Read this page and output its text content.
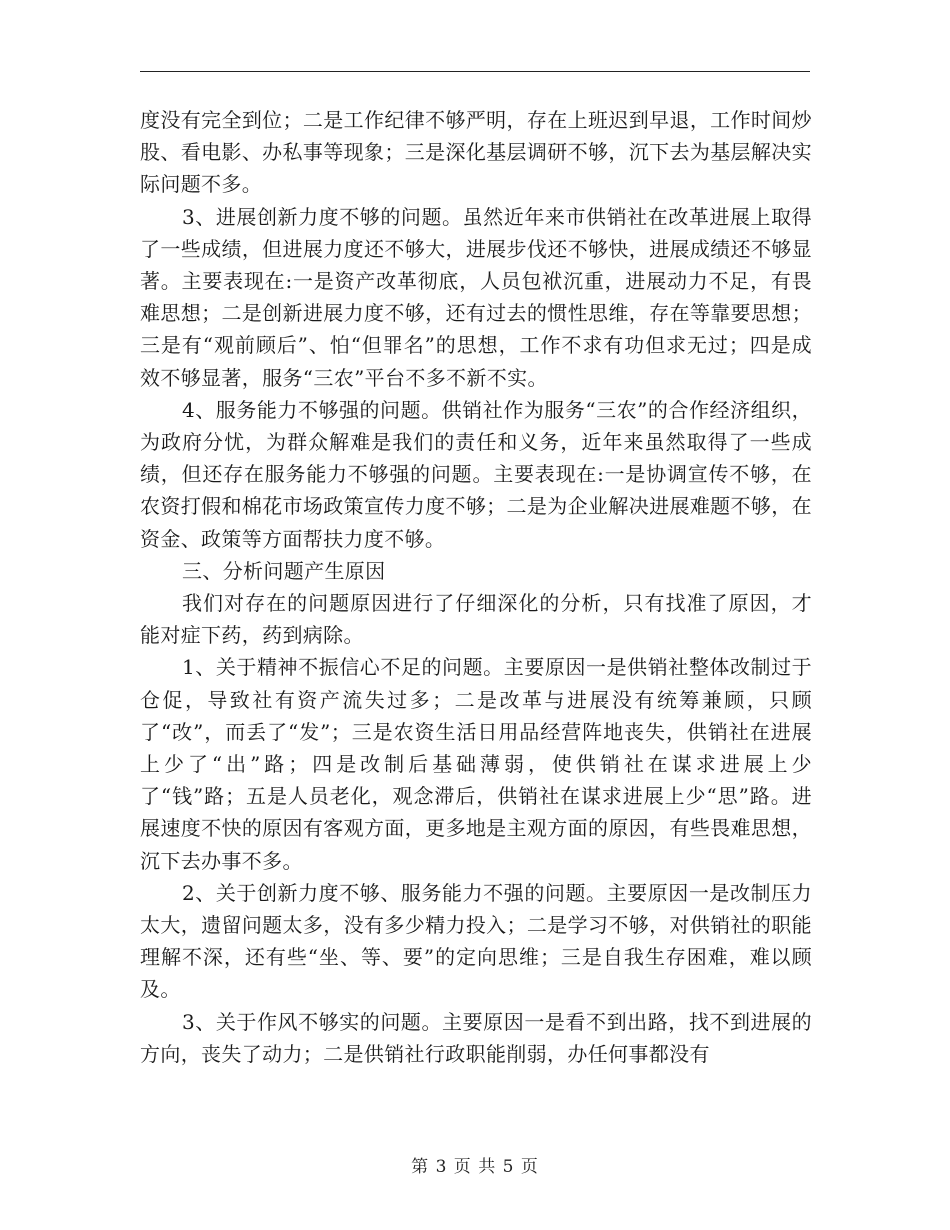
度没有完全到位；二是工作纪律不够严明，存在上班迟到早退，工作时间炒股、看电影、办私事等现象；三是深化基层调研不够，沉下去为基层解决实际问题不多。

3、进展创新力度不够的问题。虽然近年来市供销社在改革进展上取得了一些成绩，但进展力度还不够大，进展步伐还不够快，进展成绩还不够显著。主要表现在:一是资产改革彻底，人员包袱沉重，进展动力不足，有畏难思想；二是创新进展力度不够，还有过去的惯性思维，存在等靠要思想；三是有“观前顾后”、怕“但罪名”的思想，工作不求有功但求无过；四是成效不够显著，服务“三农”平台不多不新不实。

4、服务能力不够强的问题。供销社作为服务“三农”的合作经济组织，为政府分忧，为群众解难是我们的责任和义务，近年来虽然取得了一些成绩，但还存在服务能力不够强的问题。主要表现在:一是协调宣传不够，在农资打假和棉花市场政策宣传力度不够；二是为企业解决进展难题不够，在资金、政策等方面帮扶力度不够。

三、分析问题产生原因

我们对存在的问题原因进行了仔细深化的分析，只有找准了原因，才能对症下药，药到病除。

1、关于精神不振信心不足的问题。主要原因一是供销社整体改制过于仓促，导致社有资产流失过多；二是改革与进展没有统筹兼顾，只顾了“改”，而丢了“发”；三是农资生活日用品经营阵地丧失，供销社在进展上少了“出”路；四是改制后基础薄弱，使供销社在谋求进展上少了“钱”路；五是人员老化，观念滞后，供销社在谋求进展上少“思”路。进展速度不快的原因有客观方面，更多地是主观方面的原因，有些畏难思想，沉下去办事不多。

2、关于创新力度不够、服务能力不强的问题。主要原因一是改制压力太大，遗留问题太多，没有多少精力投入；二是学习不够，对供销社的职能理解不深，还有些“坐、等、要”的定向思维；三是自我生存困难，难以顾及。

3、关于作风不够实的问题。主要原因一是看不到出路，找不到进展的方向，丧失了动力；二是供销社行政职能削弱，办任何事都没有

第 3 页 共 5 页
